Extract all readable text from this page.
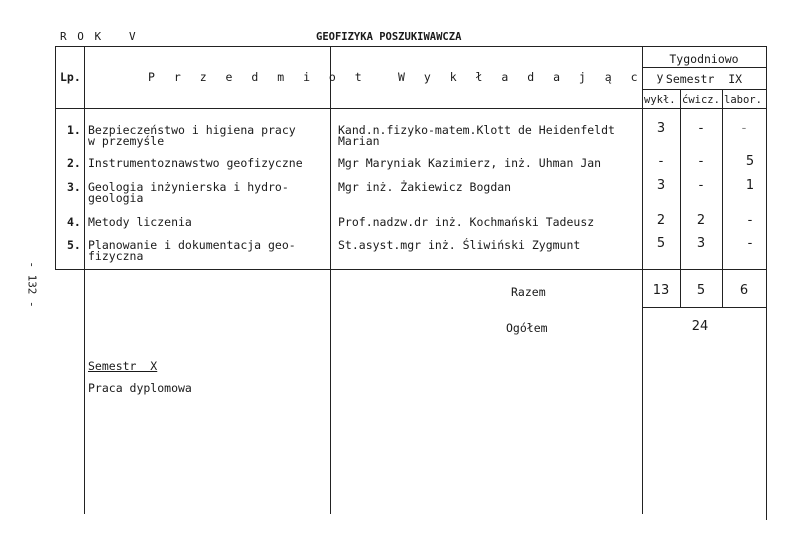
R O K   V	GEOFIZYKA POSZUKIWAWCZA
- 132 -
Lp.	P r z e d m i o t	W y k ł a d a j ą c y
Tygodniowo
Semestr  IX
wykł. ćwicz. labor.
1. Bezpieczeństwo i higiena pracy
w przemyśle
Kand.n.fizyko-matem.Klott de Heidenfeldt
Marian
3	-	-
2. Instrumentoznawstwo geofizyczne	Mgr Maryniak Kazimierz, inż. Uhman Jan	-	-	5
3. Geologia inżynierska i hydro-
geologia
Mgr inż. Żakiewicz Bogdan	3	-	1
4. Metody liczenia	Prof.nadzw.dr inż. Kochmański Tadeusz	2	2	-
5. Planowanie i dokumentacja geo-
fizyczna
St.asyst.mgr inż. Śliwiński Zygmunt	5	3	-
Razem	13	5	6
Ogółem	24
Semestr  X
Praca dyplomowa
